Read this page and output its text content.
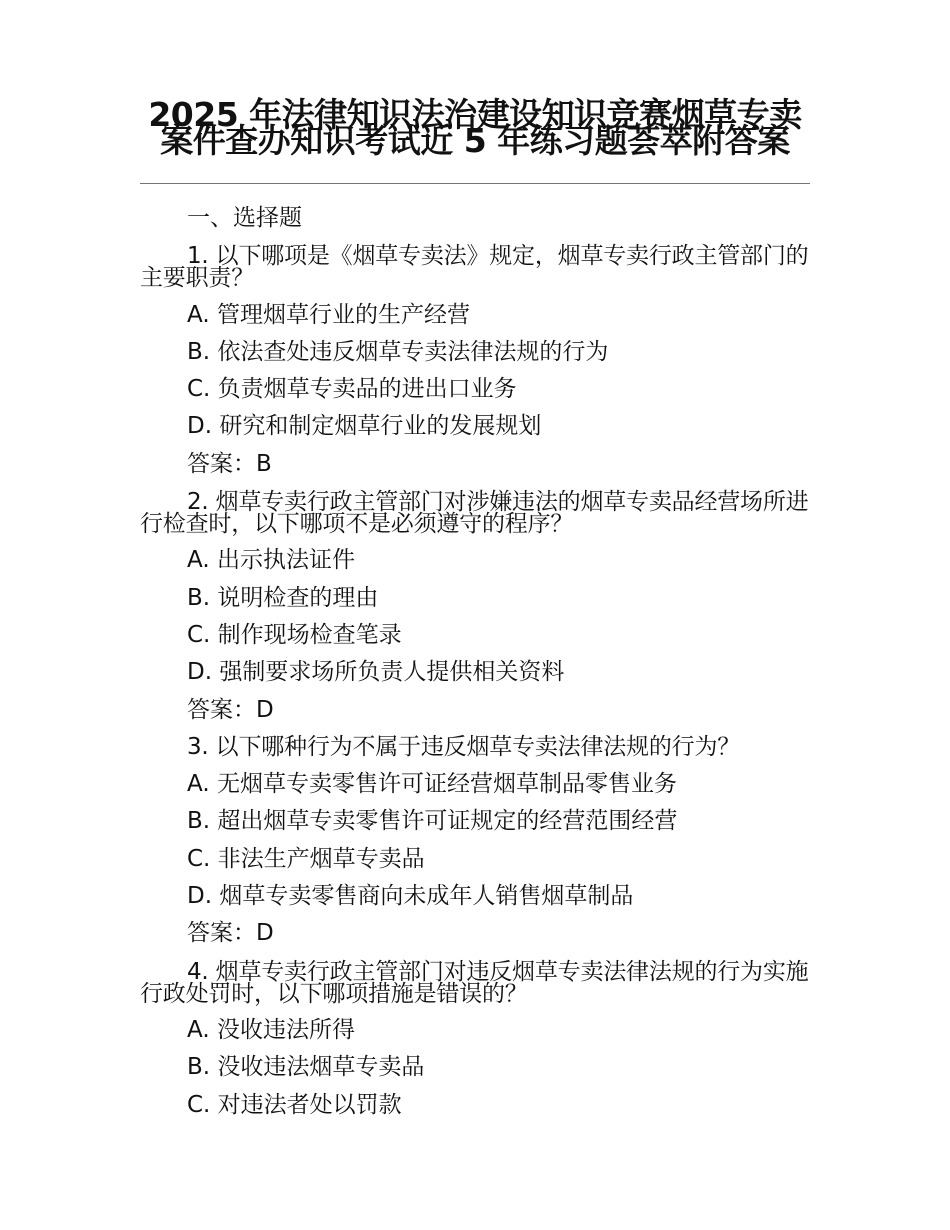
2025 年法律知识法治建设知识竞赛烟草专卖案件查办知识考试近 5 年练习题荟萃附答案

一、选择题

1. 以下哪项是《烟草专卖法》规定，烟草专卖行政主管部门的主要职责？

A. 管理烟草行业的生产经营

B. 依法查处违反烟草专卖法律法规的行为

C. 负责烟草专卖品的进出口业务

D. 研究和制定烟草行业的发展规划

答案：B

2. 烟草专卖行政主管部门对涉嫌违法的烟草专卖品经营场所进行检查时，以下哪项不是必须遵守的程序？

A. 出示执法证件

B. 说明检查的理由

C. 制作现场检查笔录

D. 强制要求场所负责人提供相关资料

答案：D

3. 以下哪种行为不属于违反烟草专卖法律法规的行为？

A. 无烟草专卖零售许可证经营烟草制品零售业务

B. 超出烟草专卖零售许可证规定的经营范围经营

C. 非法生产烟草专卖品

D. 烟草专卖零售商向未成年人销售烟草制品

答案：D

4. 烟草专卖行政主管部门对违反烟草专卖法律法规的行为实施行政处罚时，以下哪项措施是错误的？

A. 没收违法所得

B. 没收违法烟草专卖品

C. 对违法者处以罚款
